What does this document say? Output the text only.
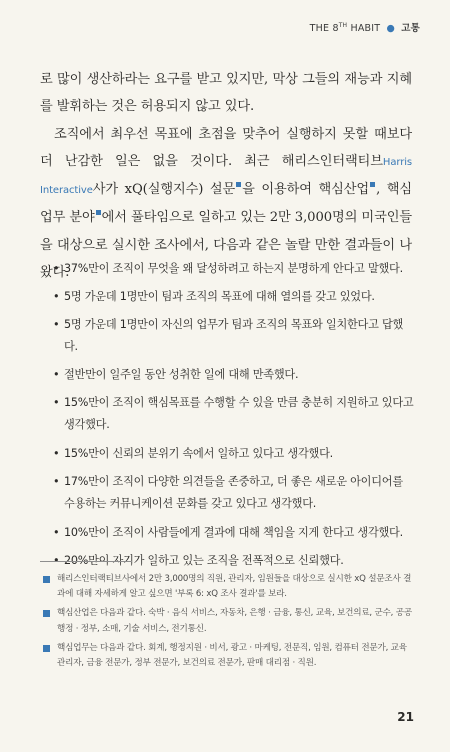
THE 8TH HABIT ● 고통

로 많이 생산하라는 요구를 받고 있지만, 막상 그들의 재능과 지혜를 발휘하는 것은 허용되지 않고 있다.

조직에서 최우선 목표에 초점을 맞추어 실행하지 못할 때보다 더 난감한 일은 없을 것이다. 최근 해리스인터랙티브Harris Interactive사가 xQ(실행지수) 설문 을 이용하여 핵심산업 , 핵심업무 분야 에서 풀타임으로 일하고 있는 2만 3,000명의 미국인들을 대상으로 실시한 조사에서, 다음과 같은 놀랄 만한 결과들이 나왔다.

• 37%만이 조직이 무엇을 왜 달성하려고 하는지 분명하게 안다고 말했다.
• 5명 가운데 1명만이 팀과 조직의 목표에 대해 열의를 갖고 있었다.
• 5명 가운데 1명만이 자신의 업무가 팀과 조직의 목표와 일치한다고 답했다.
• 절반만이 일주일 동안 성취한 일에 대해 만족했다.
• 15%만이 조직이 핵심목표를 수행할 수 있을 만큼 충분히 지원하고 있다고 생각했다.
• 15%만이 신뢰의 분위기 속에서 일하고 있다고 생각했다.
• 17%만이 조직이 다양한 의견들을 존중하고, 더 좋은 새로운 아이디어를 수용하는 커뮤니케이션 문화를 갖고 있다고 생각했다.
• 10%만이 조직이 사람들에게 결과에 대해 책임을 지게 한다고 생각했다.
• 20%만이 자기가 일하고 있는 조직을 전폭적으로 신뢰했다.
해리스인터랙티브사에서 2만 3,000명의 직원, 관리자, 임원들을 대상으로 실시한 xQ 설문조사 결과에 대해 자세하게 알고 싶으면 '부록 6: xQ 조사 결과'를 보라.
핵심산업은 다음과 같다. 숙박 · 음식 서비스, 자동차, 은행 · 금융, 통신, 교육, 보건의료, 군수, 공공행정 · 정부, 소매, 기술 서비스, 전기통신.
핵심업무는 다음과 같다. 회계, 행정지원 · 비서, 광고 · 마케팅, 전문직, 임원, 컴퓨터 전문가, 교육 관리자, 금융 전문가, 정부 전문가, 보건의료 전문가, 판매 대리점 · 직원.
21
